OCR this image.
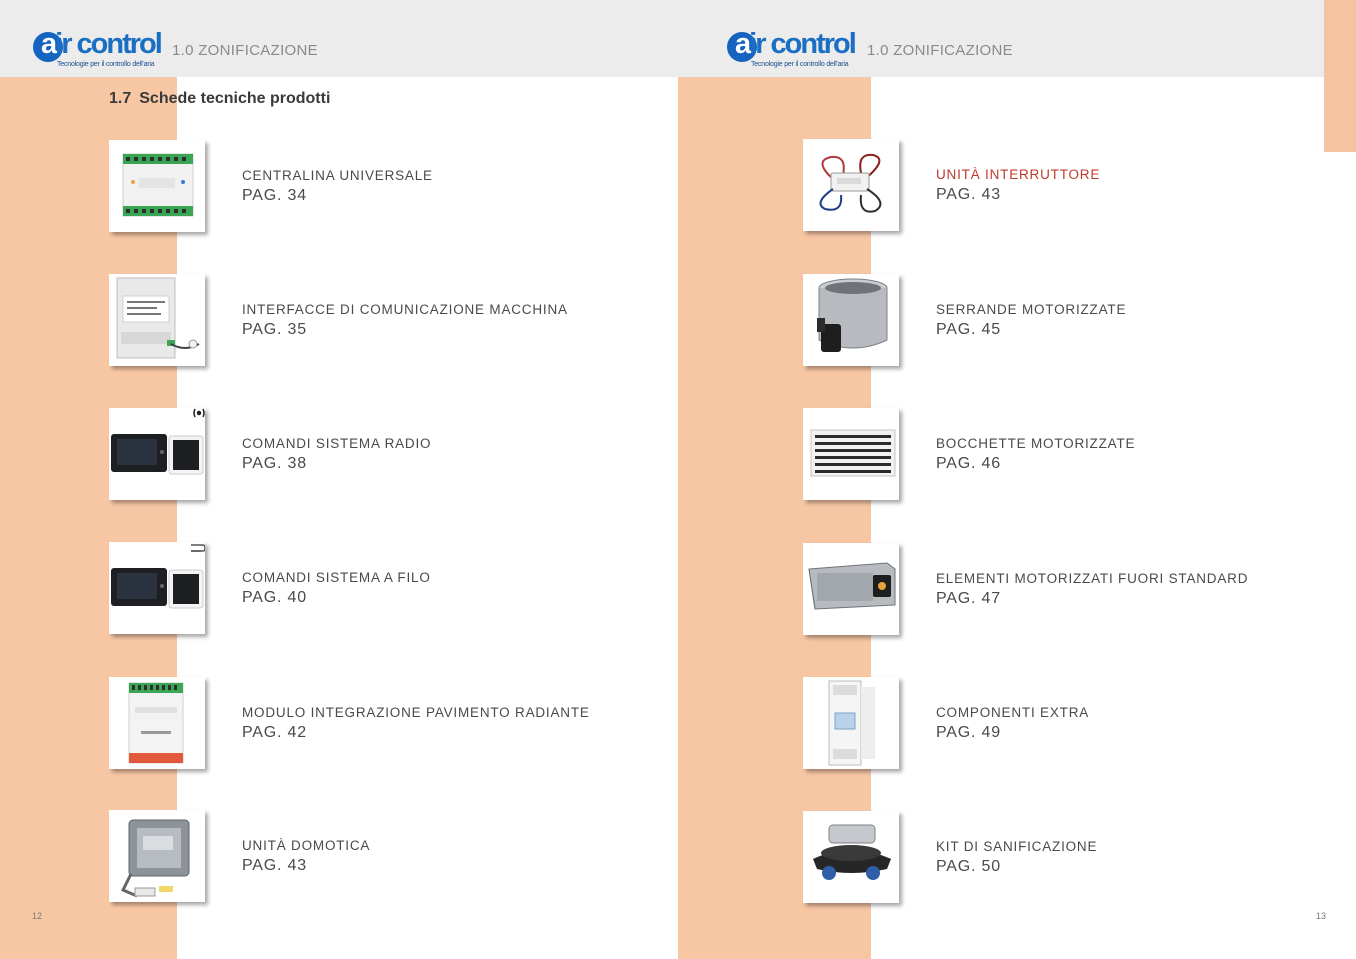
air control
Tecnologie per il controllo dell'aria
1.0 ZONIFICAZIONE
1.7 Schede tecniche prodotti
CENTRALINA UNIVERSALE
PAG. 34
INTERFACCE DI COMUNICAZIONE MACCHINA
PAG. 35
COMANDI SISTEMA RADIO
PAG. 38
COMANDI SISTEMA A FILO
PAG. 40
MODULO INTEGRAZIONE PAVIMENTO RADIANTE
PAG. 42
UNITÀ DOMOTICA
PAG. 43
12
air control
Tecnologie per il controllo dell'aria
1.0 ZONIFICAZIONE
UNITÀ INTERRUTTORE
PAG. 43
SERRANDE MOTORIZZATE
PAG. 45
BOCCHETTE MOTORIZZATE
PAG. 46
ELEMENTI MOTORIZZATI FUORI STANDARD
PAG. 47
COMPONENTI EXTRA
PAG. 49
KIT DI SANIFICAZIONE
PAG. 50
13
